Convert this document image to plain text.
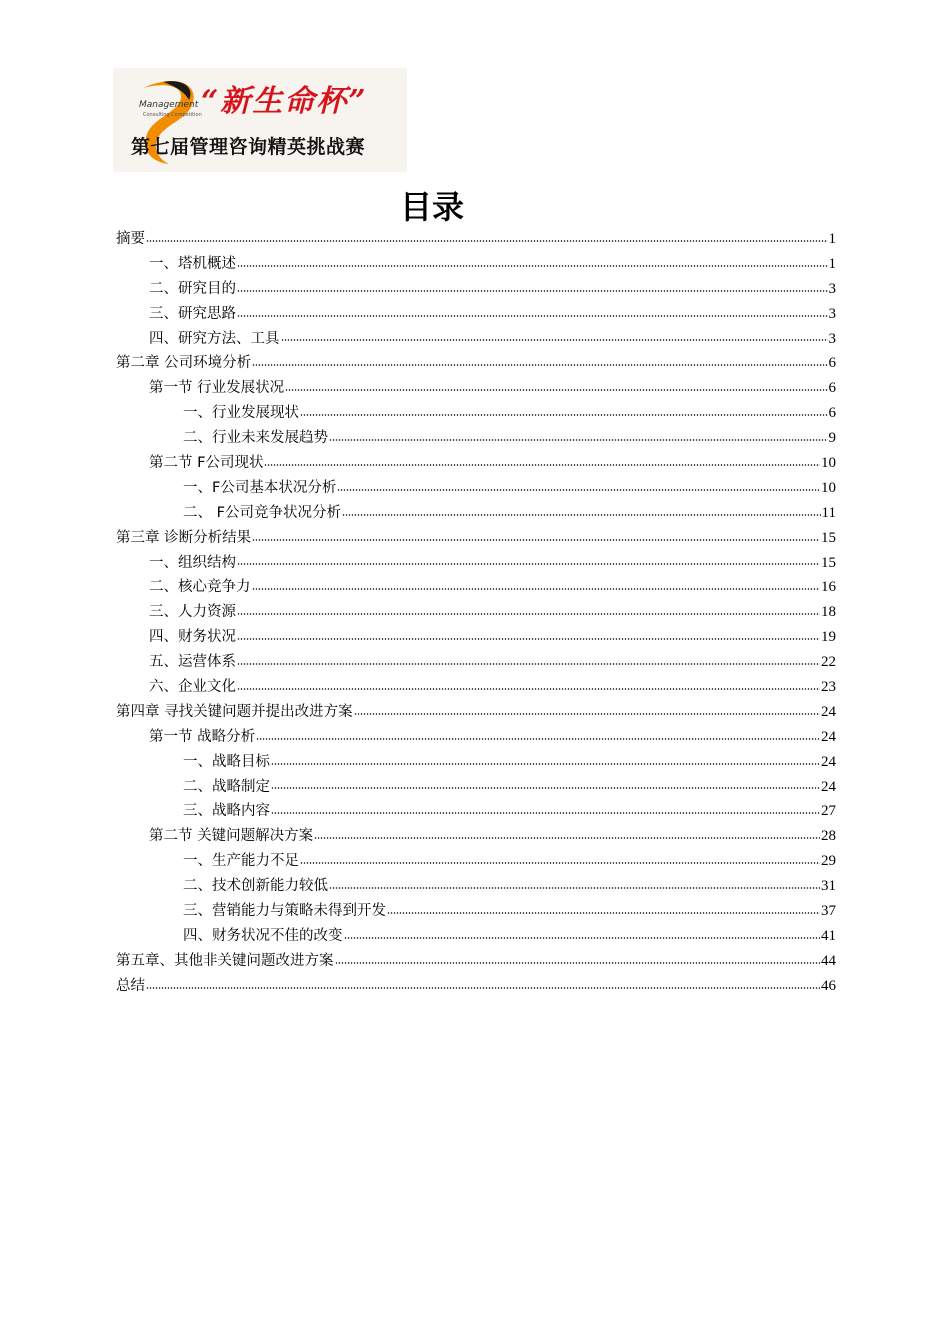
Management
Consulting Competition “新生命杯”
第七届管理咨询精英挑战赛
目录
摘要	1
一、塔机概述	1
二、研究目的	3
三、研究思路	3
四、研究方法、工具	3
第二章 公司环境分析	6
第一节 行业发展状况	6
一、行业发展现状	6
二、行业未来发展趋势	9
第二节 F公司现状	10
一、F公司基本状况分析	10
二、 F公司竞争状况分析	11
第三章 诊断分析结果	15
一、组织结构	15
二、核心竞争力	16
三、人力资源	18
四、财务状况	19
五、运营体系	22
六、企业文化	23
第四章 寻找关键问题并提出改进方案	24
第一节 战略分析	24
一、战略目标	24
二、战略制定	24
三、战略内容	27
第二节 关键问题解决方案	28
一、生产能力不足	29
二、技术创新能力较低	31
三、营销能力与策略未得到开发	37
四、财务状况不佳的改变	41
第五章、其他非关键问题改进方案	44
总结	46
